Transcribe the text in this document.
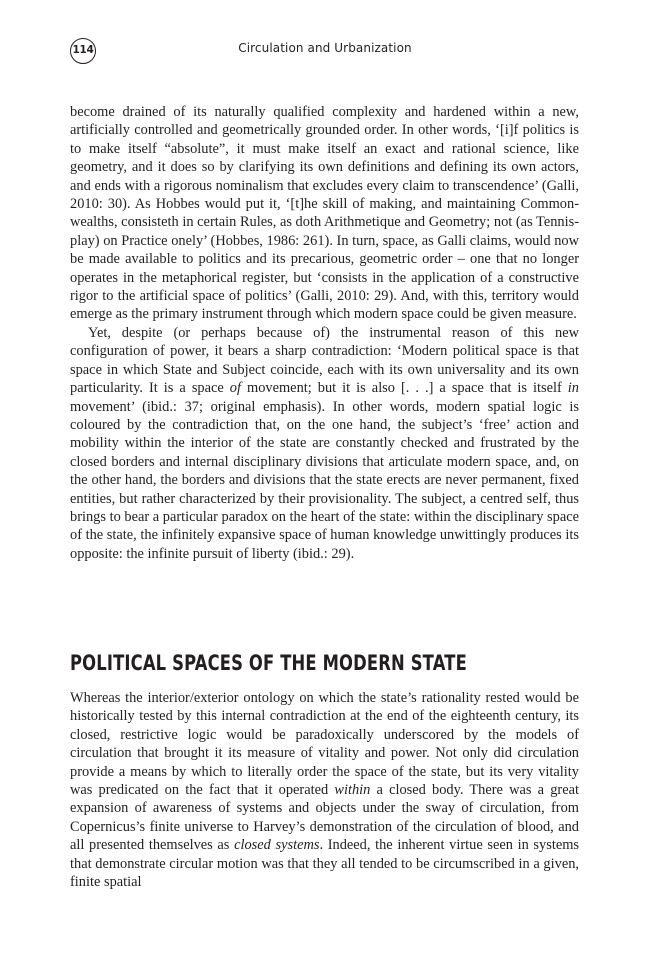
114	Circulation and Urbanization

become drained of its naturally qualified complexity and hardened within a new, artificially controlled and geometrically grounded order. In other words, ‘[i]f politics is to make itself “absolute”, it must make itself an exact and rational science, like geometry, and it does so by clarifying its own definitions and defining its own actors, and ends with a rigorous nominalism that excludes every claim to transcendence’ (Galli, 2010: 30). As Hobbes would put it, ‘[t]he skill of making, and maintaining Common-wealths, consisteth in certain Rules, as doth Arithmetique and Geometry; not (as Tennis-play) on Practice onely’ (Hobbes, 1986: 261). In turn, space, as Galli claims, would now be made available to politics and its precarious, geometric order – one that no longer operates in the metaphorical register, but ‘consists in the application of a constructive rigor to the artificial space of politics’ (Galli, 2010: 29). And, with this, territory would emerge as the primary instrument through which modern space could be given measure.

Yet, despite (or perhaps because of) the instrumental reason of this new configuration of power, it bears a sharp contradiction: ‘Modern political space is that space in which State and Subject coincide, each with its own universality and its own particularity. It is a space of movement; but it is also [. . .] a space that is itself in movement’ (ibid.: 37; original emphasis). In other words, modern spatial logic is coloured by the contradiction that, on the one hand, the subject’s ‘free’ action and mobility within the interior of the state are constantly checked and frustrated by the closed borders and internal disciplinary divisions that articulate modern space, and, on the other hand, the borders and divisions that the state erects are never permanent, fixed entities, but rather characterized by their provisionality. The subject, a centred self, thus brings to bear a particular paradox on the heart of the state: within the disciplinary space of the state, the infinitely expansive space of human knowledge unwittingly produces its opposite: the infinite pursuit of liberty (ibid.: 29).

POLITICAL SPACES OF THE MODERN STATE

Whereas the interior/exterior ontology on which the state’s rationality rested would be historically tested by this internal contradiction at the end of the eighteenth century, its closed, restrictive logic would be paradoxically underscored by the models of circulation that brought it its measure of vitality and power. Not only did circulation provide a means by which to literally order the space of the state, but its very vitality was predicated on the fact that it operated within a closed body. There was a great expansion of awareness of systems and objects under the sway of circulation, from Copernicus’s finite universe to Harvey’s demonstration of the circulation of blood, and all presented themselves as closed systems. Indeed, the inherent virtue seen in systems that demonstrate circular motion was that they all tended to be circumscribed in a given, finite spatial
